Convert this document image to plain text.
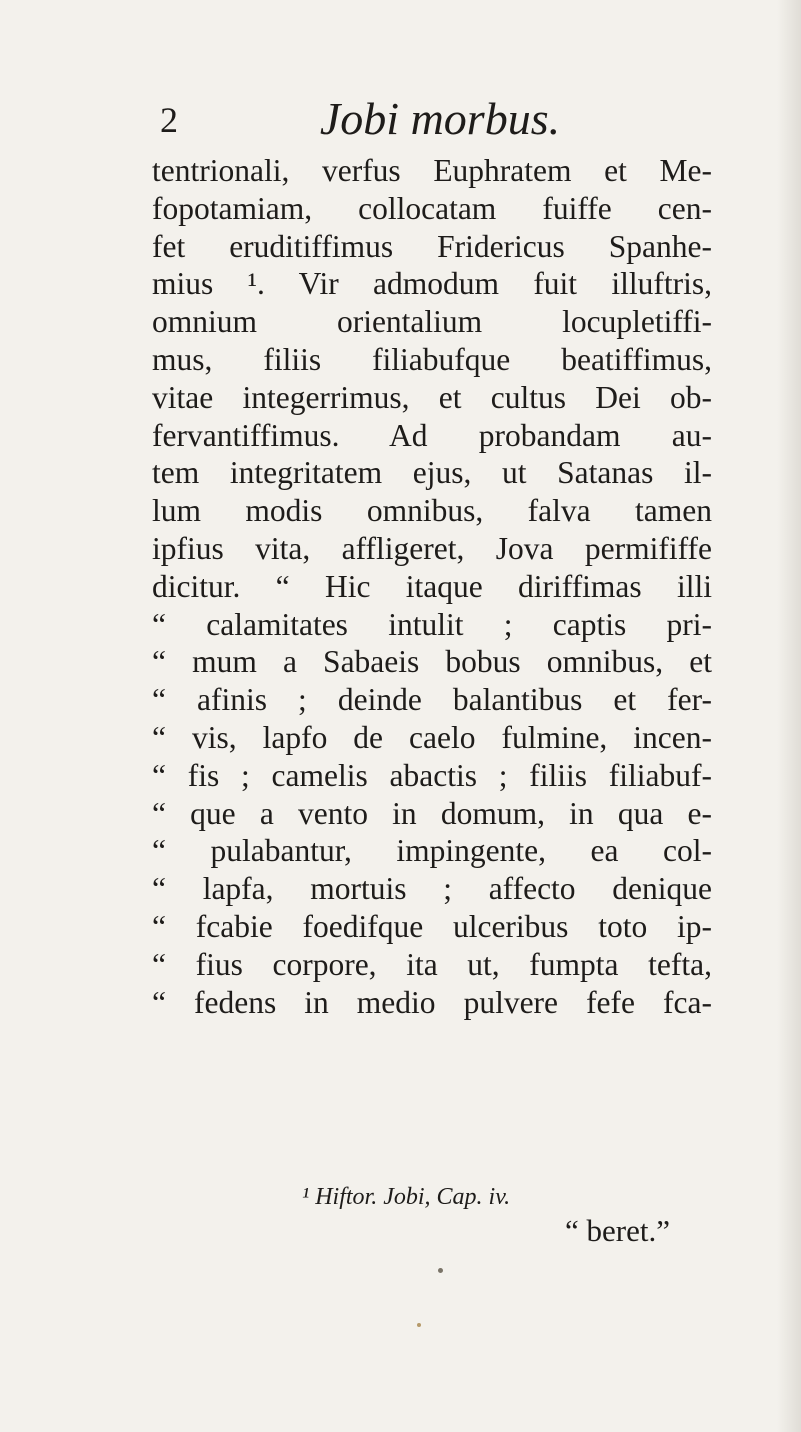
2	Jobi morbus.
tentrionali, verfus Euphratem et Me-
fopotamiam, collocatam fuiffe cen-
fet eruditiffimus Fridericus Spanhe-
mius ¹. Vir admodum fuit illuftris,
omnium orientalium locupletiffi-
mus, filiis filiabufque beatiffimus,
vitae integerrimus, et cultus Dei ob-
fervantiffimus. Ad probandam au-
tem integritatem ejus, ut Satanas il-
lum modis omnibus, falva tamen
ipfius vita, affligeret, Jova permififfe
dicitur. “ Hic itaque diriffimas illi
“ calamitates intulit ; captis pri-
“ mum a Sabaeis bobus omnibus, et
“ afinis ; deinde balantibus et fer-
“ vis, lapfo de caelo fulmine, incen-
“ fis ; camelis abactis ; filiis filiabuf-
“ que a vento in domum, in qua e-
“ pulabantur, impingente, ea col-
“ lapfa, mortuis ; affecto denique
“ fcabie foedifque ulceribus toto ip-
“ fius corpore, ita ut, fumpta tefta,
“ fedens in medio pulvere fefe fca-
¹ Hiftor. Jobi, Cap. iv.
“ beret.”
